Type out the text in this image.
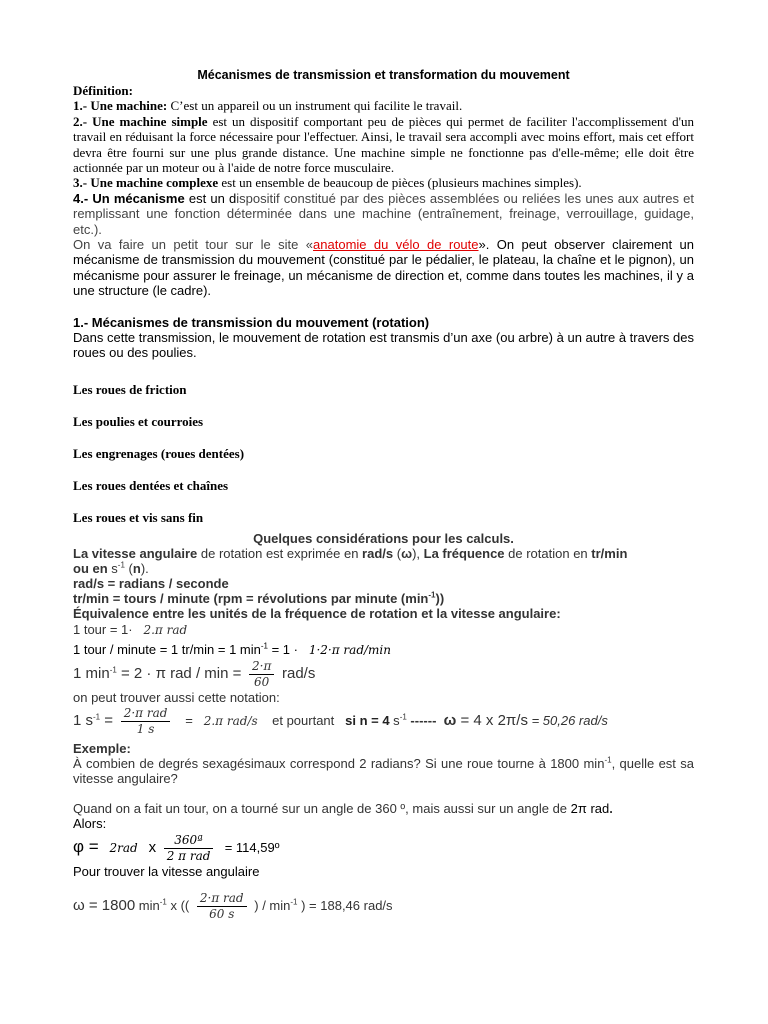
Mécanismes de transmission et transformation du mouvement
Définition:
1.- Une machine: C’est un appareil ou un instrument qui facilite le travail.
2.- Une machine simple est un dispositif comportant peu de pièces qui permet de faciliter l'accomplissement d'un travail en réduisant la force nécessaire pour l'effectuer. Ainsi, le travail sera accompli avec moins effort, mais cet effort devra être fourni sur une plus grande distance. Une machine simple ne fonctionne pas d'elle-même; elle doit être actionnée par un moteur ou à l'aide de notre force musculaire.
3.- Une machine complexe est un ensemble de beaucoup de pièces (plusieurs machines simples).
4.- Un mécanisme est un dispositif constitué par des pièces assemblées ou reliées les unes aux autres et remplissant une fonction déterminée dans une machine (entraînement, freinage, verrouillage, guidage, etc.).
On va faire un petit tour sur le site «anatomie du vélo de route». On peut observer clairement un mécanisme de transmission du mouvement (constitué par le pédalier, le plateau, la chaîne et le pignon), un mécanisme pour assurer le freinage, un mécanisme de direction et, comme dans toutes les machines, il y a une structure (le cadre).
1.- Mécanismes de transmission du mouvement (rotation)
Dans cette transmission, le mouvement de rotation est transmis d’un axe (ou arbre) à un autre à travers des roues ou des poulies.
Les roues de friction
Les poulies et courroies
Les engrenages (roues dentées)
Les roues dentées et chaînes
Les roues et vis sans fin
Quelques considérations pour les calculs.
La vitesse angulaire de rotation est exprimée en rad/s (ω), La fréquence de rotation en tr/min
ou en $s^{-1}$ (n).
rad/s = radians / seconde
tr/min = tours / minute (rpm = révolutions par minute $(\min^{-1})$)
Équivalence entre les unités de la fréquence de rotation et la vitesse angulaire:
1 tour = 1· 2.π rad
1 tour / minute = 1 tr/min = 1 $\min^{-1} = 1 \cdot 1\cdot 2\cdot\pi$ rad/min
1 $\min^{-1} = 2 \cdot \pi$ rad / $\min = \frac{2\cdot\pi}{60} rad/s$
on peut trouver aussi cette notation:
1 $s^{-1} = \frac{\text{2·π rad}}{1 s} = 2.\pi$ rad/s et pourtant si n = 4 $s^{-1}$ ------ ω = 4 x 2π/s = 50,26 rad/s
Exemple:
À combien de degrés sexagésimaux correspond 2 radians? Si une roue tourne à 1800 $\min^{-1}$, quelle est sa vitesse angulaire?
Quand on a fait un tour, on a tourné sur un angle de 360 º, mais aussi sur un angle de 2π rad.
Alors:
φ = 2rad x $\frac{\text{360ª}}{\text{2 π rad}}$ = 114,59º
Pour trouver la vitesse angulaire
ω = 1800 $\min^{-1} x$ (( $\frac{\text{2·π rad}}{60 s}$ ) / $\min^{-1}$ ) = 188,46 rad/s
